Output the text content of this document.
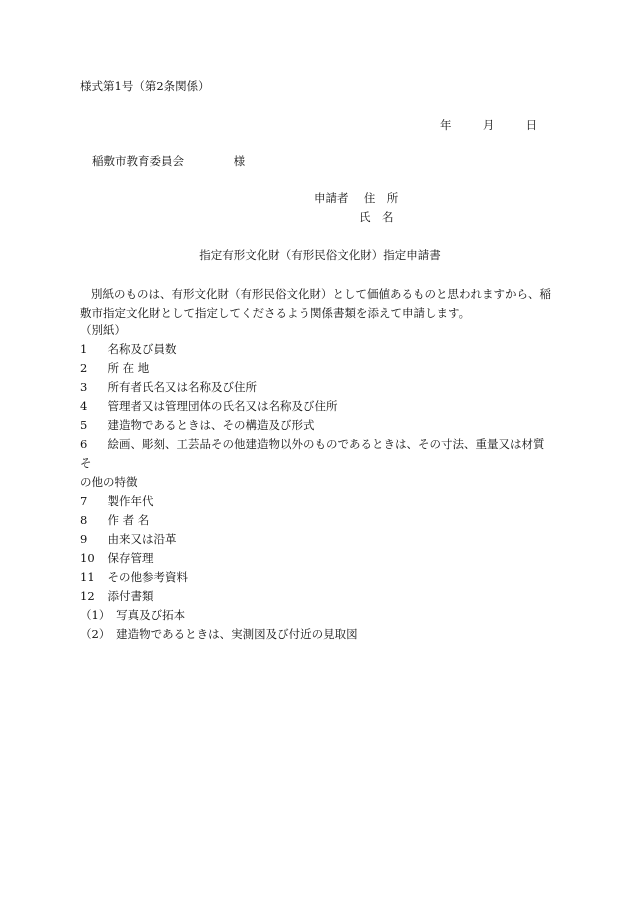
様式第1号（第2条関係）
年	月	日
稲敷市教育委員会	様
申請者 住　所
氏　名
指定有形文化財（有形民俗文化財）指定申請書
別紙のものは、有形文化財（有形民俗文化財）として価値あるものと思われますから、稲敷市指定文化財として指定してくださるよう関係書類を添えて申請します。
（別紙）
1　 名称及び員数
2　 所 在 地
3　 所有者氏名又は名称及び住所
4　 管理者又は管理団体の氏名又は名称及び住所
5　 建造物であるときは、その構造及び形式
6　 絵画、彫刻、工芸品その他建造物以外のものであるときは、その寸法、重量又は材質そ
の他の特徴
7　 製作年代
8　 作 者 名
9　 由来又は沿革
10　 保存管理
11　 その他参考資料
12　 添付書類
（1）　 写真及び拓本
（2）　 建造物であるときは、実測図及び付近の見取図
